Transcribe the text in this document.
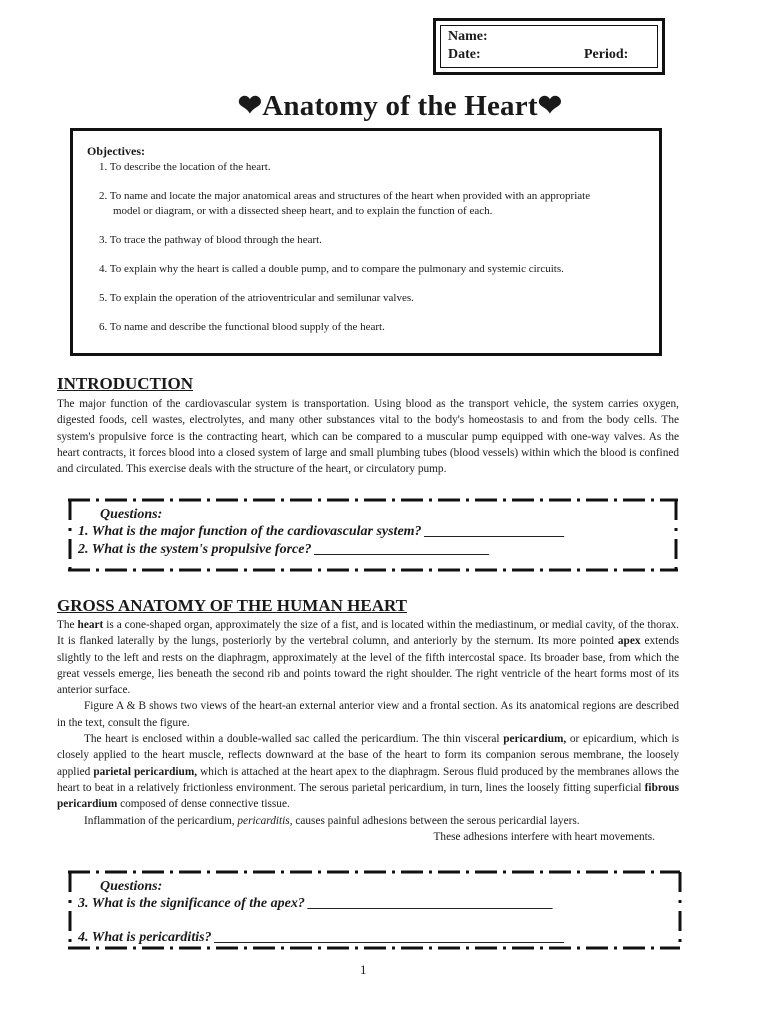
Name:
Date:	Period:
❤Anatomy of the Heart❤
Objectives:
1. To describe the location of the heart.
2. To name and locate the major anatomical areas and structures of the heart when provided with an appropriate
model or diagram, or with a dissected sheep heart, and to explain the function of each.
3. To trace the pathway of blood through the heart.
4. To explain why the heart is called a double pump, and to compare the pulmonary and systemic circuits.
5. To explain the operation of the atrioventricular and semilunar valves.
6. To name and describe the functional blood supply of the heart.
INTRODUCTION
The major function of the cardiovascular system is transportation. Using blood as the transport vehicle, the system carries oxygen, digested foods, cell wastes, electrolytes, and many other substances vital to the body's homeostasis to and from the body cells. The system's propulsive force is the contracting heart, which can be compared to a muscular pump equipped with one-way valves. As the heart contracts, it forces blood into a closed system of large and small plumbing tubes (blood vessels) within which the blood is confined and circulated. This exercise deals with the structure of the heart, or circulatory pump.
Questions:
1. What is the major function of the cardiovascular system? ____________________
2. What is the system's propulsive force? _________________________
GROSS ANATOMY OF THE HUMAN HEART

The heart is a cone-shaped organ, approximately the size of a fist, and is located within the mediastinum, or medial cavity, of the thorax. It is flanked laterally by the lungs, posteriorly by the vertebral column, and anteriorly by the sternum. Its more pointed apex extends slightly to the left and rests on the diaphragm, approximately at the level of the fifth intercostal space. Its broader base, from which the great vessels emerge, lies beneath the second rib and points toward the right shoulder. The right ventricle of the heart forms most of its anterior surface.

Figure A & B shows two views of the heart-an external anterior view and a frontal section. As its anatomical regions are described in the text, consult the figure.

The heart is enclosed within a double-walled sac called the pericardium. The thin visceral pericardium, or epicardium, which is closely applied to the heart muscle, reflects downward at the base of the heart to form its companion serous membrane, the loosely applied parietal pericardium, which is attached at the heart apex to the diaphragm. Serous fluid produced by the membranes allows the heart to beat in a relatively frictionless environment. The serous parietal pericardium, in turn, lines the loosely fitting superficial fibrous pericardium composed of dense connective tissue.

Inflammation of the pericardium, pericarditis, causes painful adhesions between the serous pericardial layers.

These adhesions interfere with heart movements.

Questions:
3. What is the significance of the apex? ___________________________________
4. What is pericarditis? __________________________________________________
1
